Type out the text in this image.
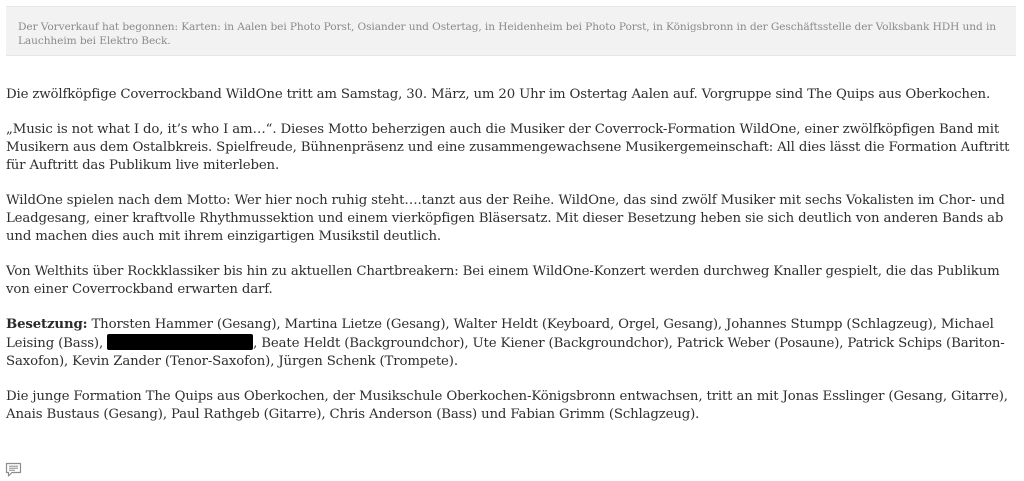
Der Vorverkauf hat begonnen: Karten: in Aalen bei Photo Porst, Osiander und Ostertag, in Heidenheim bei Photo Porst, in Königsbronn in der Geschäftsstelle der Volksbank HDH und in Lauchheim bei Elektro Beck.

Die zwölfköpfige Coverrockband WildOne tritt am Samstag, 30. März, um 20 Uhr im Ostertag Aalen auf. Vorgruppe sind The Quips aus Oberkochen.

„Music is not what I do, it’s who I am…“. Dieses Motto beherzigen auch die Musiker der Coverrock-Formation WildOne, einer zwölfköpfigen Band mit Musikern aus dem Ostalbkreis. Spielfreude, Bühnenpräsenz und eine zusammengewachsene Musikergemeinschaft: All dies lässt die Formation Auftritt für Auftritt das Publikum live miterleben.

WildOne spielen nach dem Motto: Wer hier noch ruhig steht….tanzt aus der Reihe. WildOne, das sind zwölf Musiker mit sechs Vokalisten im Chor- und Leadgesang, einer kraftvolle Rhythmussektion und einem vierköpfigen Bläsersatz. Mit dieser Besetzung heben sie sich deutlich von anderen Bands ab und machen dies auch mit ihrem einzigartigen Musikstil deutlich.

Von Welthits über Rockklassiker bis hin zu aktuellen Chartbreakern: Bei einem WildOne-Konzert werden durchweg Knaller gespielt, die das Publikum von einer Coverrockband erwarten darf.

Besetzung: Thorsten Hammer (Gesang), Martina Lietze (Gesang), Walter Heldt (Keyboard, Orgel, Gesang), Johannes Stumpp (Schlagzeug), Michael Leising (Bass),	, Beate Heldt (Backgroundchor), Ute Kiener (Backgroundchor), Patrick Weber (Posaune), Patrick Schips (Bariton-Saxofon), Kevin Zander (Tenor-Saxofon), Jürgen Schenk (Trompete).

Die junge Formation The Quips aus Oberkochen, der Musikschule Oberkochen-Königsbronn entwachsen, tritt an mit Jonas Esslinger (Gesang, Gitarre), Anais Bustaus (Gesang), Paul Rathgeb (Gitarre), Chris Anderson (Bass) und Fabian Grimm (Schlagzeug).
